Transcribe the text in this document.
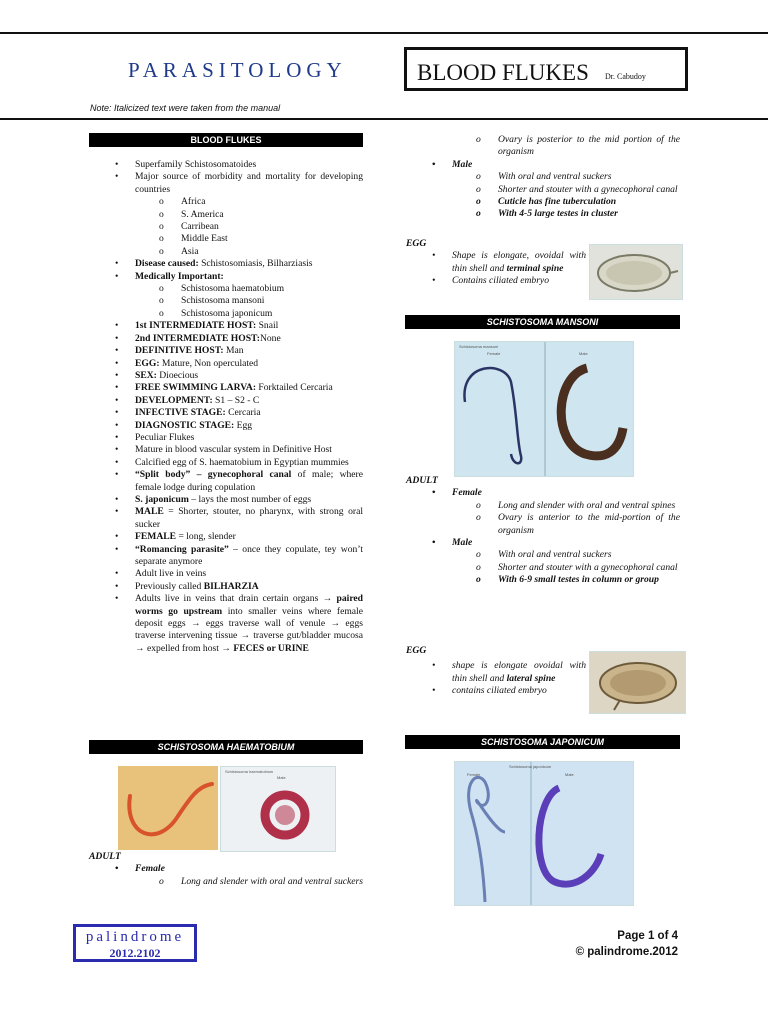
PARASITOLOGY	BLOOD FLUKES Dr. Cabudoy
Note: Italicized text were taken from the manual
BLOOD FLUKES
• Superfamily Schistosomatoides
• Major source of morbidity and mortality for developing countries
o Africa
o S. America
o Carribean
o Middle East
o Asia
• Disease caused: Schistosomiasis, Bilharziasis
• Medically Important:
o Schistosoma haematobium
o Schistosoma mansoni
o Schistosoma japonicum
• 1st INTERMEDIATE HOST: Snail
• 2nd INTERMEDIATE HOST:None
• DEFINITIVE HOST: Man
• EGG: Mature, Non operculated
• SEX: Dioecious
• FREE SWIMMING LARVA: Forktailed Cercaria
• DEVELOPMENT: S1 – S2 - C
• INFECTIVE STAGE: Cercaria
• DIAGNOSTIC STAGE: Egg
• Peculiar Flukes
• Mature in blood vascular system in Definitive Host
• Calcified egg of S. haematobium in Egyptian mummies
• “Split body” – gynecophoral canal of male; where female lodge during copulation
• S. japonicum – lays the most number of eggs
• MALE = Shorter, stouter, no pharynx, with strong oral sucker
• FEMALE = long, slender
• “Romancing parasite” – once they copulate, tey won’t separate anymore
• Adult live in veins
• Previously called BILHARZIA
• Adults live in veins that drain certain organs → paired worms go upstream into smaller veins where female deposit eggs → eggs traverse wall of venule → eggs traverse intervening tissue → traverse gut/bladder mucosa → expelled from host → FECES or URINE
SCHISTOSOMA HAEMATOBIUM
Schistosoma haematobium
Male
ADULT
• Female
o Long and slender with oral and ventral suckers
o Ovary is posterior to the mid portion of the organism
• Male
o With oral and ventral suckers
o Shorter and stouter with a gynecophoral canal
o Cuticle has fine tuberculation
o With 4-5 large testes in cluster
EGG
• Shape is elongate, ovoidal with thin shell and terminal spine
• Contains ciliated embryo
SCHISTOSOMA MANSONI
Schistosoma mansoni
Female	Male
ADULT
• Female
o Long and slender with oral and ventral spines
o Ovary is anterior to the mid-portion of the organism
• Male
o With oral and ventral suckers
o Shorter and stouter with a gynecophoral canal
o With 6-9 small testes in column or group
EGG
• shape is elongate ovoidal with thin shell and lateral spine
• contains ciliated embryo
SCHISTOSOMA JAPONICUM
Schistosoma japonicum
Female	Male
palindrome
2012.2102
Page 1 of 4
© palindrome.2012
